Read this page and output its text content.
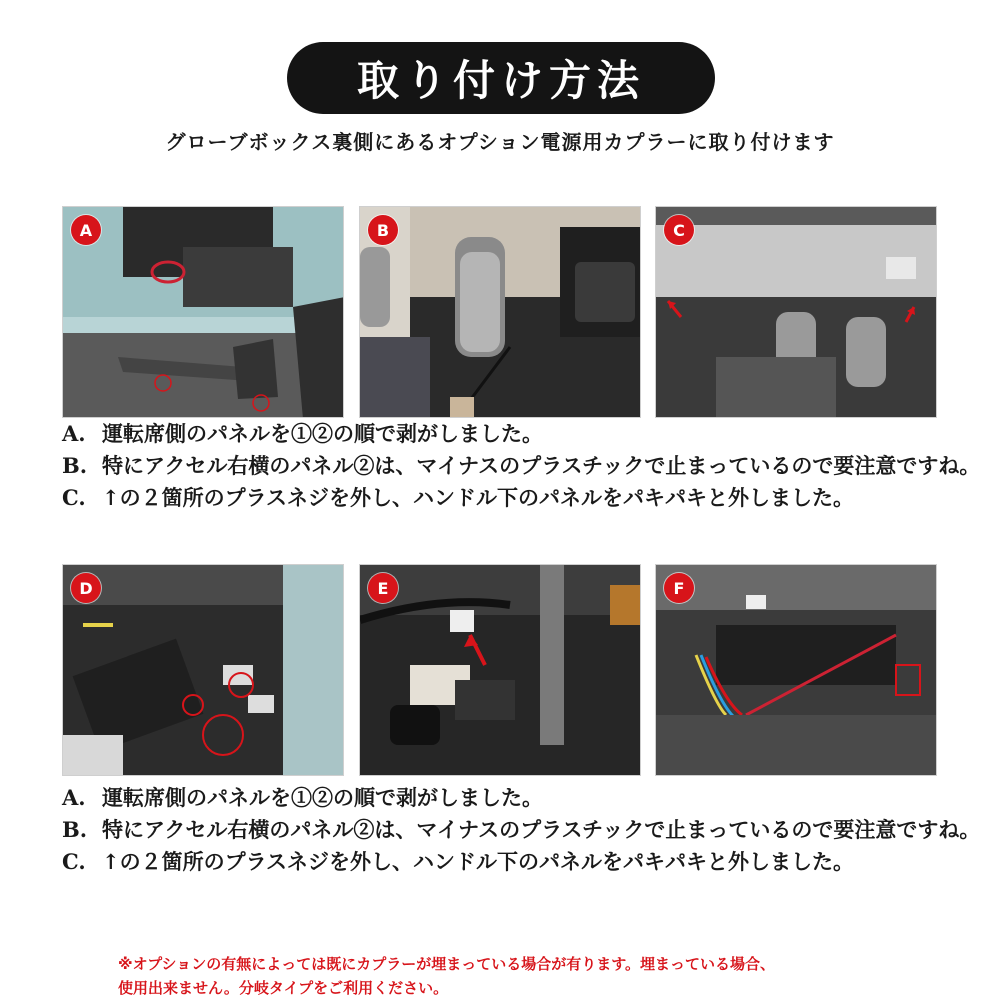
取り付け方法
グローブボックス裏側にあるオプション電源用カプラーに取り付けます
A	B	C
A. 運転席側のパネルを①②の順で剥がしました。
B. 特にアクセル右横のパネル②は、マイナスのプラスチックで止まっているので要注意ですね。
C. ↑の２箇所のプラスネジを外し、ハンドル下のパネルをパキパキと外しました。
D	E	F
A. 運転席側のパネルを①②の順で剥がしました。
B. 特にアクセル右横のパネル②は、マイナスのプラスチックで止まっているので要注意ですね。
C. ↑の２箇所のプラスネジを外し、ハンドル下のパネルをパキパキと外しました。
※オプションの有無によっては既にカプラーが埋まっている場合が有ります。埋まっている場合、
使用出来ません。分岐タイプをご利用ください。
